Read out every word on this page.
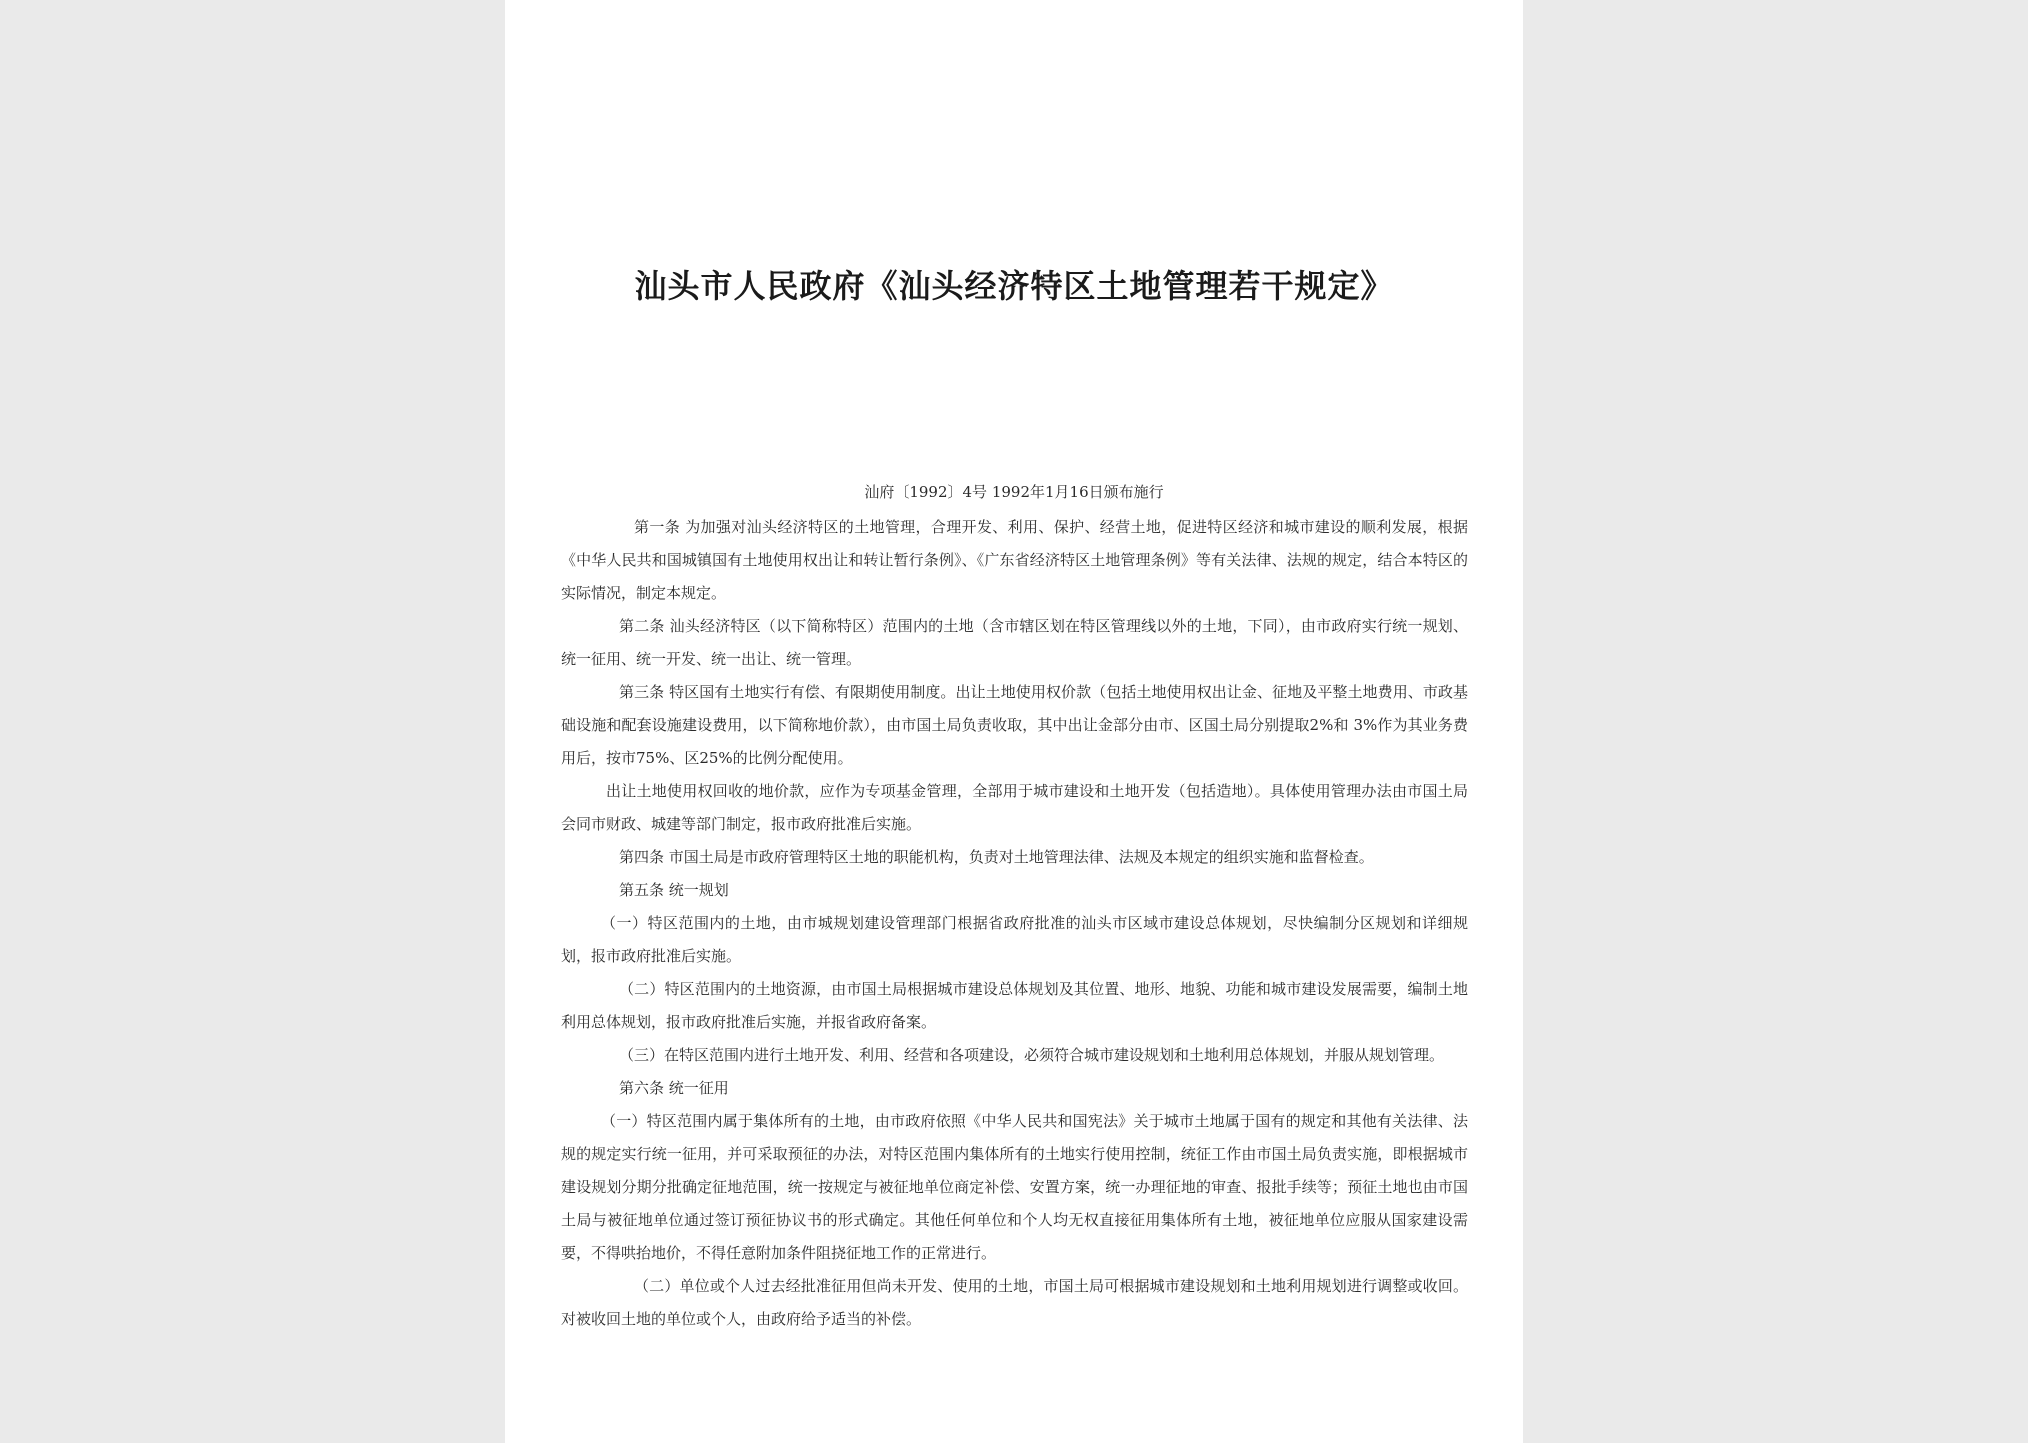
汕头市人民政府《汕头经济特区土地管理若干规定》

汕府〔1992〕4号 1992年1月16日颁布施行

第一条 为加强对汕头经济特区的土地管理，合理开发、利用、保护、经营土地，促进特区经济和城市建设的顺利发展，根据《中华人民共和国城镇国有土地使用权出让和转让暂行条例》、《广东省经济特区土地管理条例》等有关法律、法规的规定，结合本特区的实际情况，制定本规定。

第二条 汕头经济特区（以下简称特区）范围内的土地（含市辖区划在特区管理线以外的土地，下同），由市政府实行统一规划、统一征用、统一开发、统一出让、统一管理。

第三条 特区国有土地实行有偿、有限期使用制度。出让土地使用权价款（包括土地使用权出让金、征地及平整土地费用、市政基础设施和配套设施建设费用，以下简称地价款），由市国土局负责收取，其中出让金部分由市、区国土局分别提取2%和 3%作为其业务费用后，按市75%、区25%的比例分配使用。

出让土地使用权回收的地价款，应作为专项基金管理，全部用于城市建设和土地开发（包括造地）。具体使用管理办法由市国土局会同市财政、城建等部门制定，报市政府批准后实施。

第四条 市国土局是市政府管理特区土地的职能机构，负责对土地管理法律、法规及本规定的组织实施和监督检查。

第五条 统一规划

（一）特区范围内的土地，由市城规划建设管理部门根据省政府批准的汕头市区域市建设总体规划，尽快编制分区规划和详细规划，报市政府批准后实施。

（二）特区范围内的土地资源，由市国土局根据城市建设总体规划及其位置、地形、地貌、功能和城市建设发展需要，编制土地利用总体规划，报市政府批准后实施，并报省政府备案。

（三）在特区范围内进行土地开发、利用、经营和各项建设，必须符合城市建设规划和土地利用总体规划，并服从规划管理。

第六条 统一征用

（一）特区范围内属于集体所有的土地，由市政府依照《中华人民共和国宪法》关于城市土地属于国有的规定和其他有关法律、法规的规定实行统一征用，并可采取预征的办法，对特区范围内集体所有的土地实行使用控制，统征工作由市国土局负责实施，即根据城市建设规划分期分批确定征地范围，统一按规定与被征地单位商定补偿、安置方案，统一办理征地的审查、报批手续等；预征土地也由市国土局与被征地单位通过签订预征协议书的形式确定。其他任何单位和个人均无权直接征用集体所有土地，被征地单位应服从国家建设需要，不得哄抬地价，不得任意附加条件阻挠征地工作的正常进行。

（二）单位或个人过去经批准征用但尚未开发、使用的土地，市国土局可根据城市建设规划和土地利用规划进行调整或收回。对被收回土地的单位或个人，由政府给予适当的补偿。
